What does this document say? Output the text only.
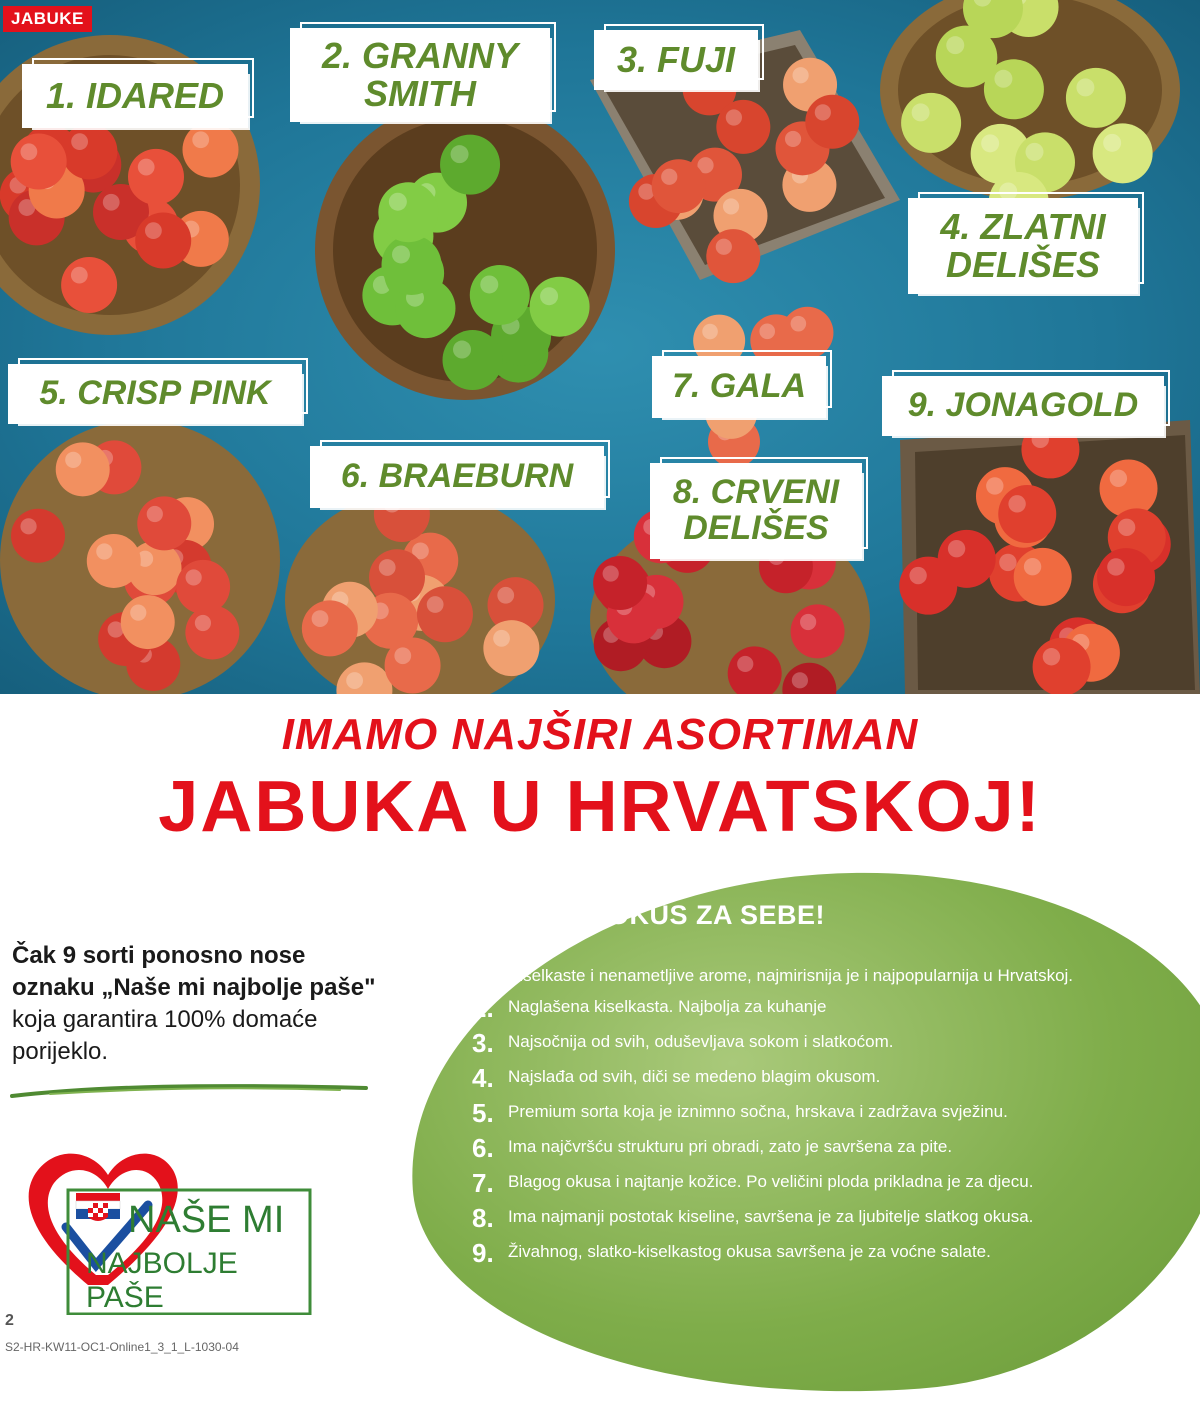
JABUKE
1. IDARED
2. GRANNY
SMITH
3. FUJI
4. ZLATNI
DELIŠES
5. CRISP PINK
6. BRAEBURN
7. GALA
8. CRVENI
DELIŠES
9. JONAGOLD
IMAMO NAJŠIRI ASORTIMAN
JABUKA U HRVATSKOJ!
PRONAĐI OKUS ZA SEBE!
1. Kiselkaste i nenametljive arome, najmirisnija je i najpopularnija u Hrvatskoj.
2. Naglašena kiselkasta. Najbolja za kuhanje
3. Najsočnija od svih, oduševljava sokom i slatkoćom.
4. Najslađa od svih, diči se medeno blagim okusom.
5. Premium sorta koja je iznimno sočna, hrskava i zadržava svježinu.
6. Ima najčvršću strukturu pri obradi, zato je savršena za pite.
7. Blagog okusa i najtanje kožice. Po veličini ploda prikladna je za djecu.
8. Ima najmanji postotak kiseline, savršena je za ljubitelje slatkog okusa.
9. Živahnog, slatko-kiselkastog okusa savršena je za voćne salate.
Čak 9 sorti ponosno nose oznaku „Naše mi najbolje paše" koja garantira 100% domaće porijeklo.
NAŠE MI
NAJBOLJE PAŠE
2
S2-HR-KW11-OC1-Online1_3_1_L-1030-04
